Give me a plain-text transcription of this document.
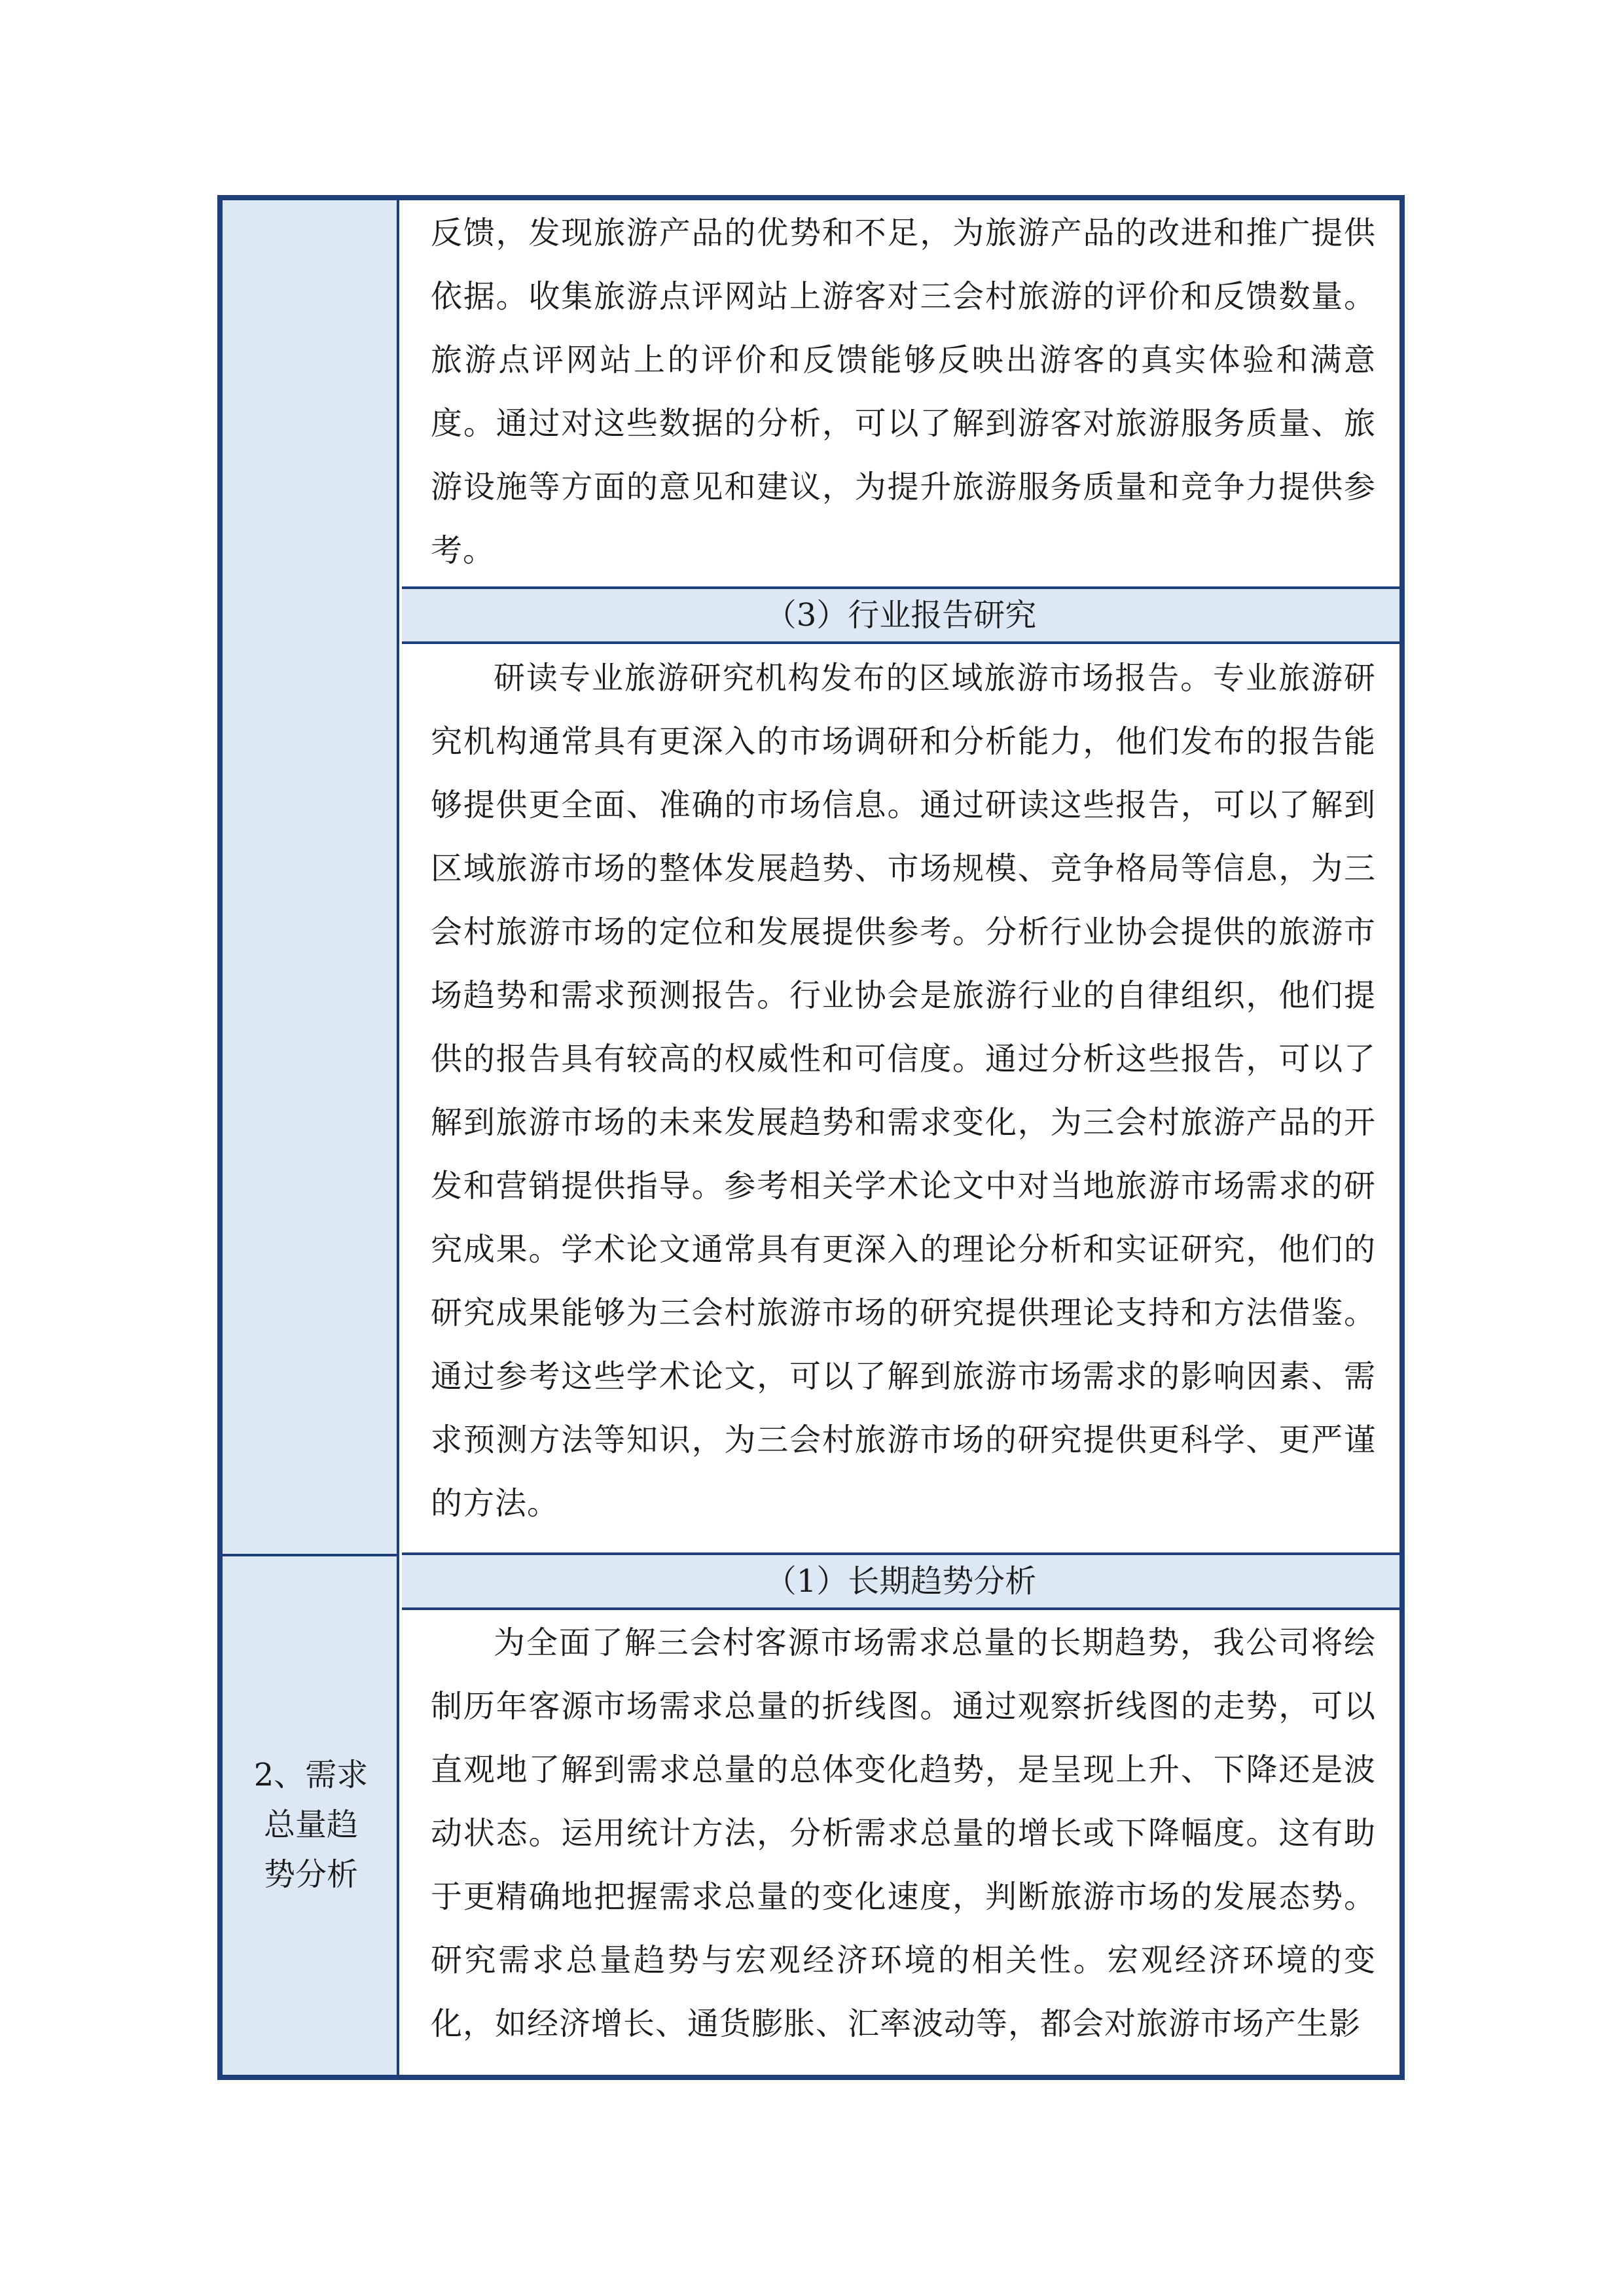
2、需求
总量趋
势分析

反馈，发现旅游产品的优势和不足，为旅游产品的改进和推广提供依据。收集旅游点评网站上游客对三会村旅游的评价和反馈数量。旅游点评网站上的评价和反馈能够反映出游客的真实体验和满意度。通过对这些数据的分析，可以了解到游客对旅游服务质量、旅游设施等方面的意见和建议，为提升旅游服务质量和竞争力提供参考。

（3）行业报告研究

研读专业旅游研究机构发布的区域旅游市场报告。专业旅游研究机构通常具有更深入的市场调研和分析能力，他们发布的报告能够提供更全面、准确的市场信息。通过研读这些报告，可以了解到区域旅游市场的整体发展趋势、市场规模、竞争格局等信息，为三会村旅游市场的定位和发展提供参考。分析行业协会提供的旅游市场趋势和需求预测报告。行业协会是旅游行业的自律组织，他们提供的报告具有较高的权威性和可信度。通过分析这些报告，可以了解到旅游市场的未来发展趋势和需求变化，为三会村旅游产品的开发和营销提供指导。参考相关学术论文中对当地旅游市场需求的研究成果。学术论文通常具有更深入的理论分析和实证研究，他们的研究成果能够为三会村旅游市场的研究提供理论支持和方法借鉴。通过参考这些学术论文，可以了解到旅游市场需求的影响因素、需求预测方法等知识，为三会村旅游市场的研究提供更科学、更严谨的方法。

（1）长期趋势分析

为全面了解三会村客源市场需求总量的长期趋势，我公司将绘制历年客源市场需求总量的折线图。通过观察折线图的走势，可以直观地了解到需求总量的总体变化趋势，是呈现上升、下降还是波动状态。运用统计方法，分析需求总量的增长或下降幅度。这有助于更精确地把握需求总量的变化速度，判断旅游市场的发展态势。研究需求总量趋势与宏观经济环境的相关性。宏观经济环境的变化，如经济增长、通货膨胀、汇率波动等，都会对旅游市场产生影
